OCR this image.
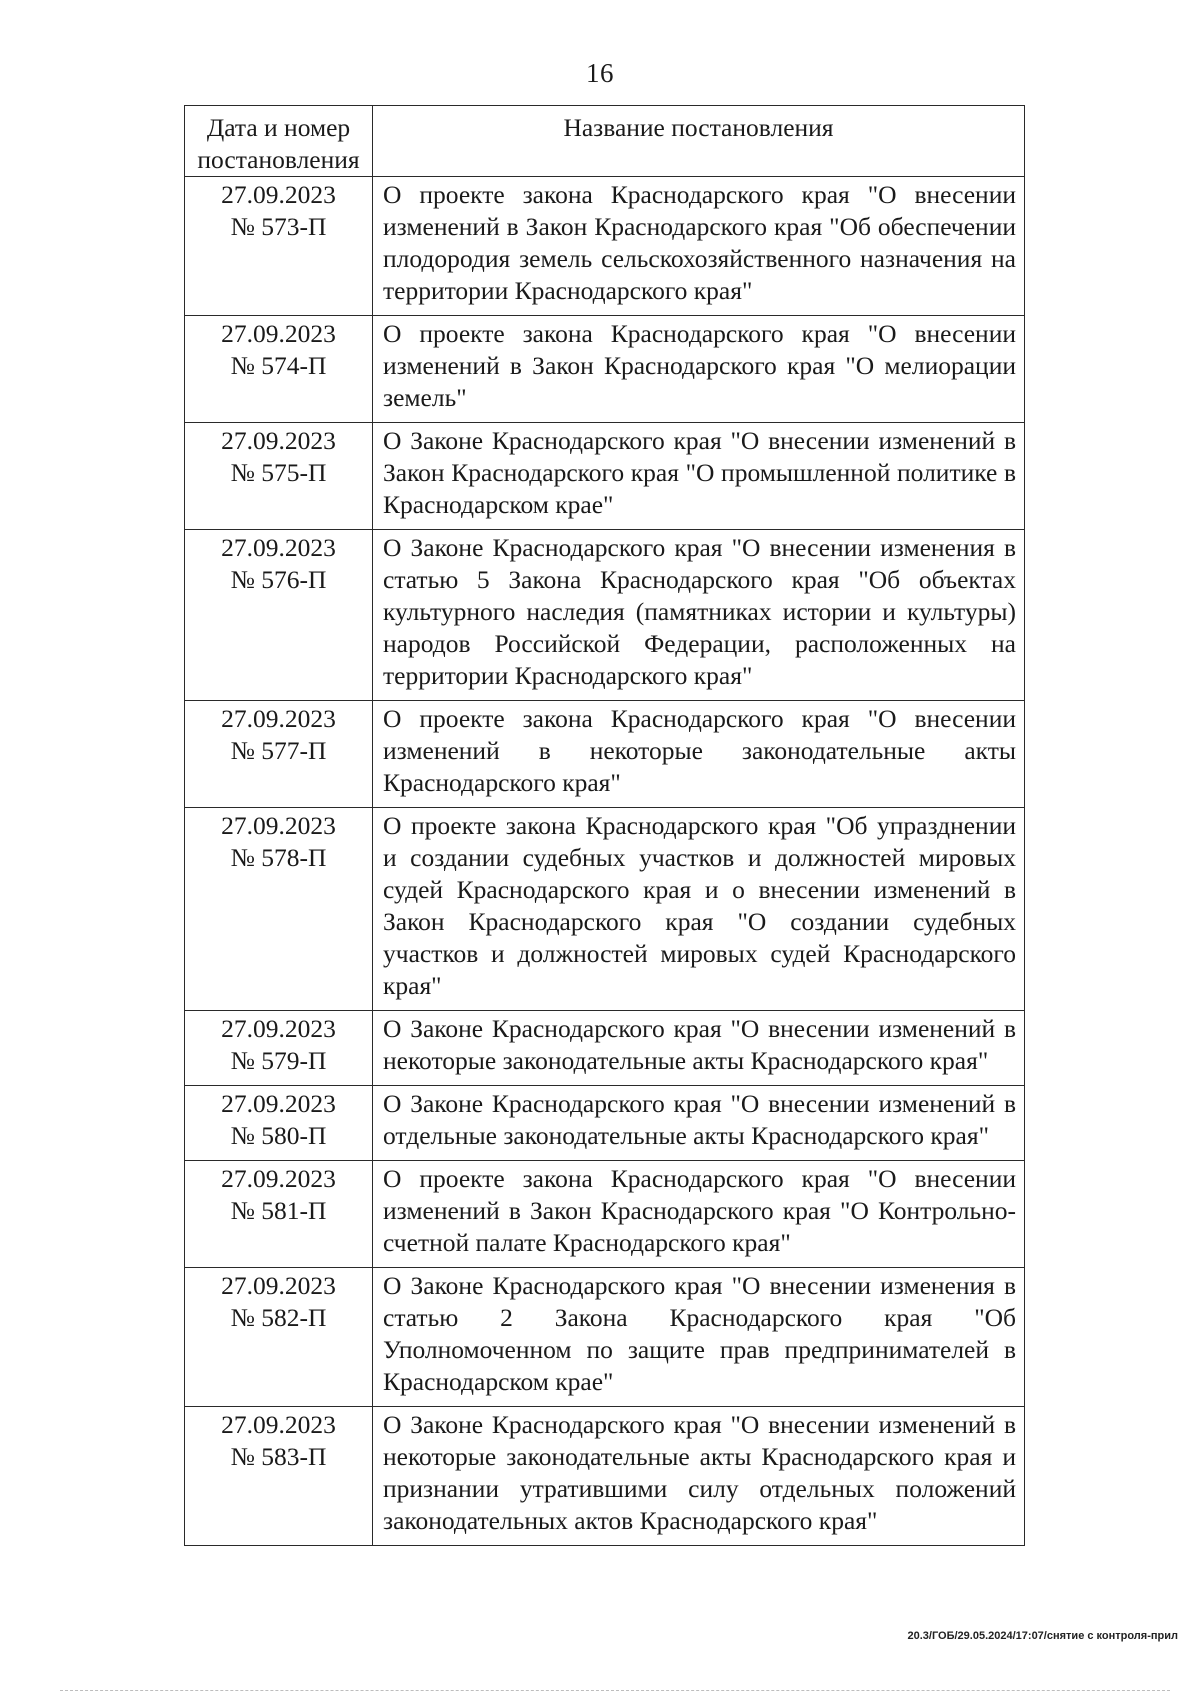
16
Дата и номер постановления	Название постановления

27.09.2023
№ 573-П	О проекте закона Краснодарского края "О внесении изменений в Закон Краснодарского края "Об обеспечении плодородия земель сельскохозяйственного назначения на территории Краснодарского края"

27.09.2023
№ 574-П	О проекте закона Краснодарского края "О внесении изменений в Закон Краснодарского края "О мелиорации земель"

27.09.2023
№ 575-П	О Законе Краснодарского края "О внесении изменений в Закон Краснодарского края "О промышленной политике в Краснодарском крае"

27.09.2023
№ 576-П	О Законе Краснодарского края "О внесении изменения в статью 5 Закона Краснодарского края "Об объектах культурного наследия (памятниках истории и культуры) народов Российской Федерации, расположенных на территории Краснодарского края"

27.09.2023
№ 577-П	О проекте закона Краснодарского края "О внесении изменений в некоторые законодательные акты Краснодарского края"

27.09.2023
№ 578-П	О проекте закона Краснодарского края "Об упразднении и создании судебных участков и должностей мировых судей Краснодарского края и о внесении изменений в Закон Краснодарского края "О создании судебных участков и должностей мировых судей Краснодарского края"

27.09.2023
№ 579-П	О Законе Краснодарского края "О внесении изменений в некоторые законодательные акты Краснодарского края"

27.09.2023
№ 580-П	О Законе Краснодарского края "О внесении изменений в отдельные законодательные акты Краснодарского края"

27.09.2023
№ 581-П	О проекте закона Краснодарского края "О внесении изменений в Закон Краснодарского края "О Контрольно-счетной палате Краснодарского края"

27.09.2023
№ 582-П	О Законе Краснодарского края "О внесении изменения в статью 2 Закона Краснодарского края "Об Уполномоченном по защите прав предпринимателей в Краснодарском крае"

27.09.2023
№ 583-П	О Законе Краснодарского края "О внесении изменений в некоторые законодательные акты Краснодарского края и признании утратившими силу отдельных положений законодательных актов Краснодарского края"
20.3/ГОБ/29.05.2024/17:07/снятие с контроля-прил
